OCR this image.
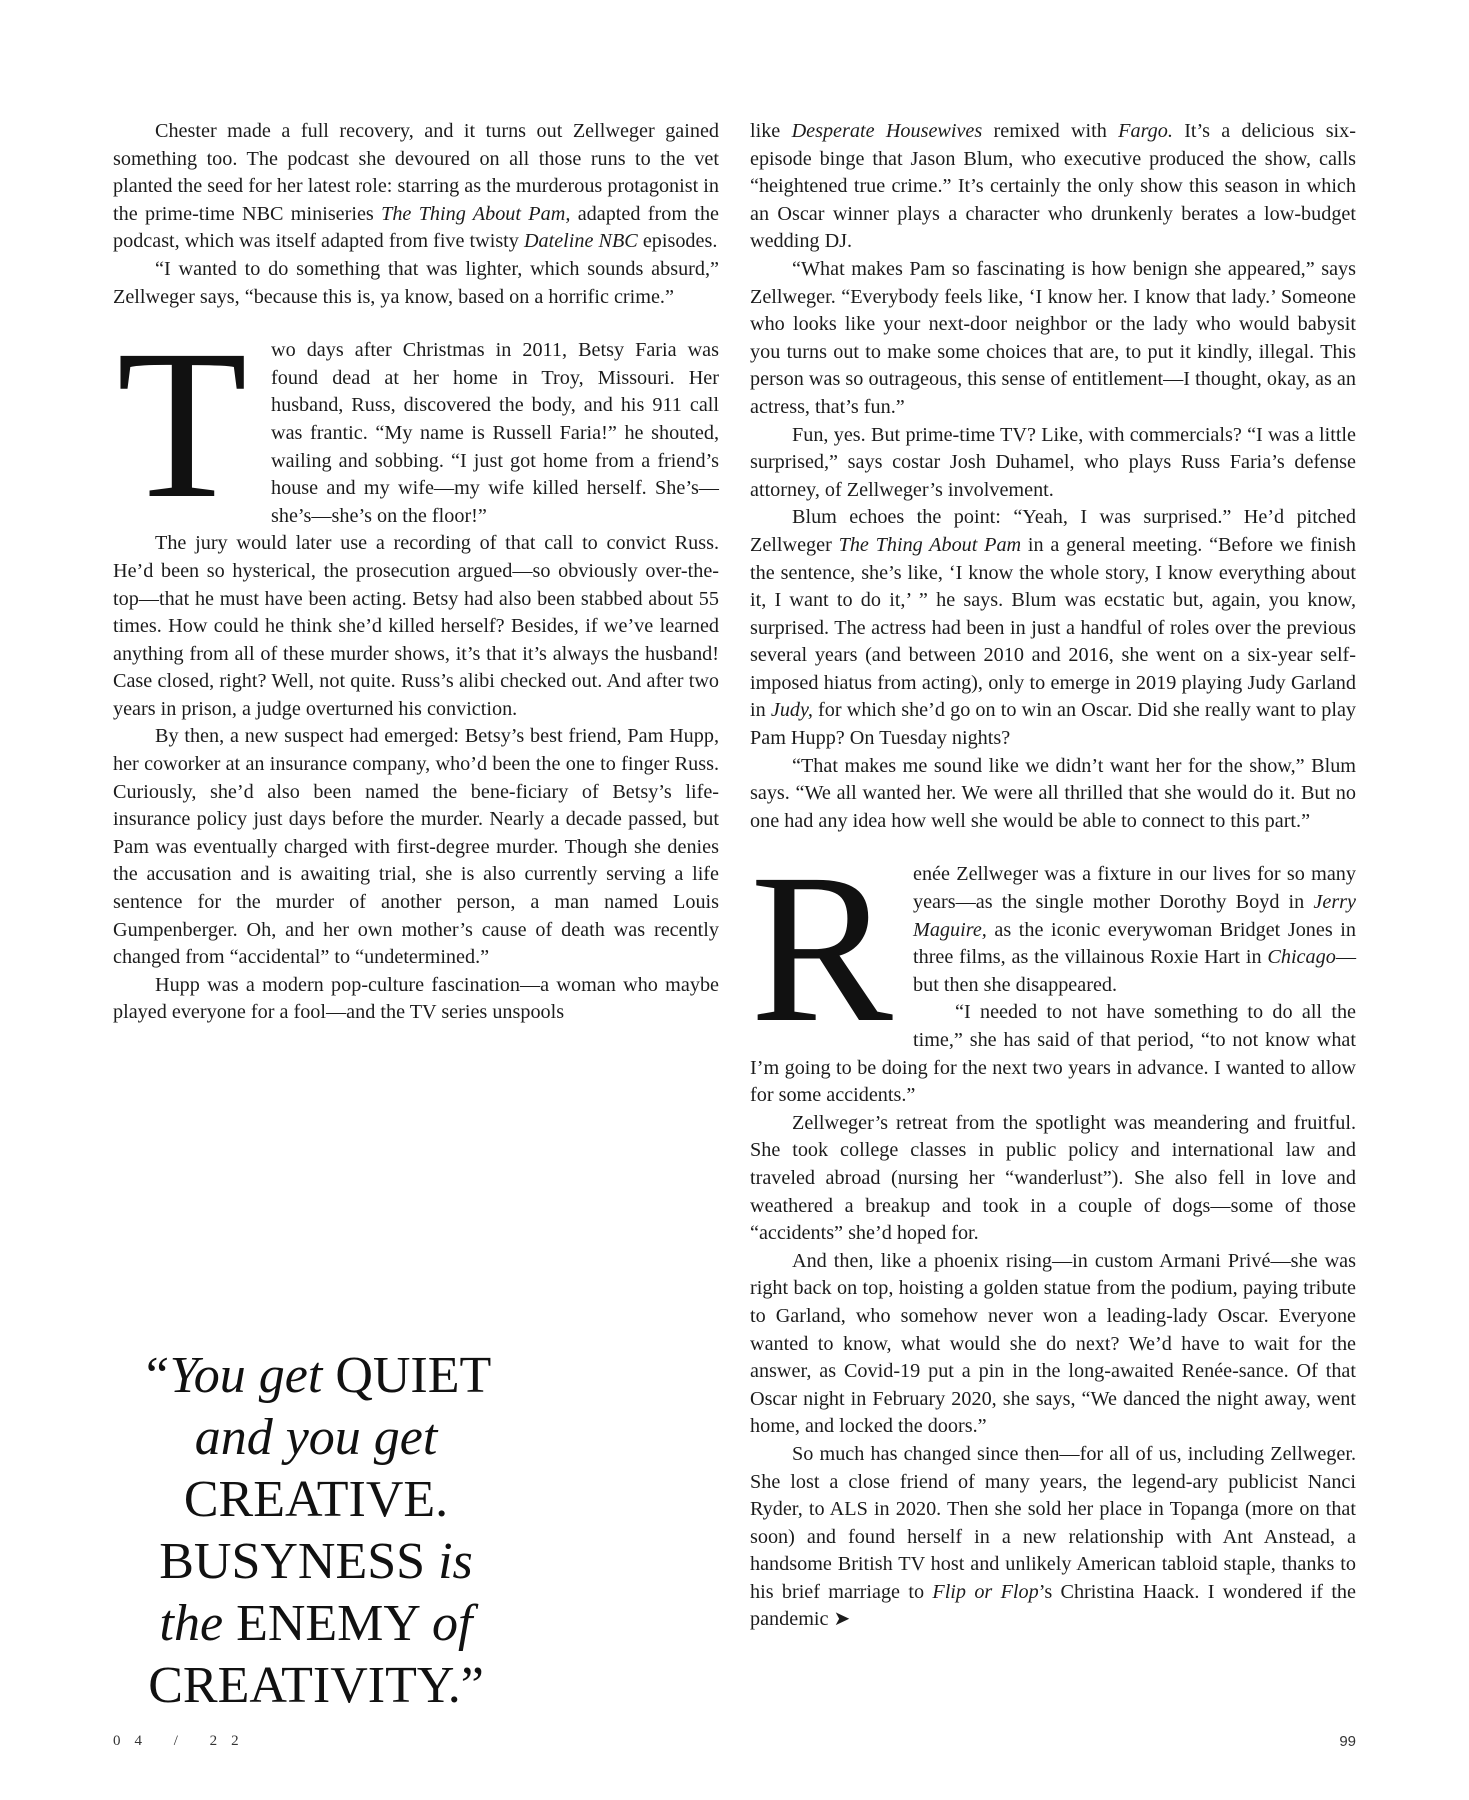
Chester made a full recovery, and it turns out Zellweger gained something too. The podcast she devoured on all those runs to the vet planted the seed for her latest role: starring as the murderous protagonist in the prime-time NBC miniseries The Thing About Pam, adapted from the podcast, which was itself adapted from five twisty Dateline NBC episodes.

“I wanted to do something that was lighter, which sounds absurd,” Zellweger says, “because this is, ya know, based on a horrific crime.”

T	wo days after Christmas in 2011, Betsy Faria was found dead at her home in Troy, Missouri. Her husband, Russ, discovered the body, and his 911 call was frantic. “My name is Russell Faria!” he shouted, wailing and sobbing. “I just got home from a friend’s house and my wife—my wife killed herself. She’s—she’s—she’s on the floor!”

The jury would later use a recording of that call to convict Russ. He’d been so hysterical, the prosecution argued—so obviously over-the-top—that he must have been acting. Betsy had also been stabbed about 55 times. How could he think she’d killed herself? Besides, if we’ve learned anything from all of these murder shows, it’s that it’s always the husband! Case closed, right? Well, not quite. Russ’s alibi checked out. And after two years in prison, a judge overturned his conviction.

By then, a new suspect had emerged: Betsy’s best friend, Pam Hupp, her coworker at an insurance company, who’d been the one to finger Russ. Curiously, she’d also been named the bene-ficiary of Betsy’s life-insurance policy just days before the murder. Nearly a decade passed, but Pam was eventually charged with first-degree murder. Though she denies the accusation and is awaiting trial, she is also currently serving a life sentence for the murder of another person, a man named Louis Gumpenberger. Oh, and her own mother’s cause of death was recently changed from “accidental” to “undetermined.”

Hupp was a modern pop-culture fascination—a woman who maybe played everyone for a fool—and the TV series unspools

like Desperate Housewives remixed with Fargo. It’s a delicious six-episode binge that Jason Blum, who executive produced the show, calls “heightened true crime.” It’s certainly the only show this season in which an Oscar winner plays a character who drunkenly berates a low-budget wedding DJ.

“What makes Pam so fascinating is how benign she appeared,” says Zellweger. “Everybody feels like, ‘I know her. I know that lady.’ Someone who looks like your next-door neighbor or the lady who would babysit you turns out to make some choices that are, to put it kindly, illegal. This person was so outrageous, this sense of entitlement—I thought, okay, as an actress, that’s fun.”

Fun, yes. But prime-time TV? Like, with commercials? “I was a little surprised,” says costar Josh Duhamel, who plays Russ Faria’s defense attorney, of Zellweger’s involvement.

Blum echoes the point: “Yeah, I was surprised.” He’d pitched Zellweger The Thing About Pam in a general meeting. “Before we finish the sentence, she’s like, ‘I know the whole story, I know everything about it, I want to do it,’ ” he says. Blum was ecstatic but, again, you know, surprised. The actress had been in just a handful of roles over the previous several years (and between 2010 and 2016, she went on a six-year self-imposed hiatus from acting), only to emerge in 2019 playing Judy Garland in Judy, for which she’d go on to win an Oscar. Did she really want to play Pam Hupp? On Tuesday nights?

“That makes me sound like we didn’t want her for the show,” Blum says. “We all wanted her. We were all thrilled that she would do it. But no one had any idea how well she would be able to connect to this part.”

Renée Zellweger was a fixture in our lives for so many years—as the single mother Dorothy Boyd in Jerry Maguire, as the iconic everywoman Bridget Jones in three films, as the villainous Roxie Hart in Chicago—but then she disappeared.

“I needed to not have something to do all the time,” she has said of that period, “to not know what I’m going to be doing for the next two years in advance. I wanted to allow for some accidents.”

Zellweger’s retreat from the spotlight was meandering and fruitful. She took college classes in public policy and international law and traveled abroad (nursing her “wanderlust”). She also fell in love and weathered a breakup and took in a couple of dogs—some of those “accidents” she’d hoped for.

And then, like a phoenix rising—in custom Armani Privé—she was right back on top, hoisting a golden statue from the podium, paying tribute to Garland, who somehow never won a leading-lady Oscar. Everyone wanted to know, what would she do next? We’d have to wait for the answer, as Covid-19 put a pin in the long-awaited Renée-sance. Of that Oscar night in February 2020, she says, “We danced the night away, went home, and locked the doors.”

So much has changed since then—for all of us, including Zellweger. She lost a close friend of many years, the legend-ary publicist Nanci Ryder, to ALS in 2020. Then she sold her place in Topanga (more on that soon) and found herself in a new relationship with Ant Anstead, a handsome British TV host and unlikely American tabloid staple, thanks to his brief marriage to Flip or Flop’s Christina Haack. I wondered if the pandemic ➤

“You get QUIET
and you get
CREATIVE.
BUSYNESS is
the ENEMY of
CREATIVITY.”
04 / 22	99
